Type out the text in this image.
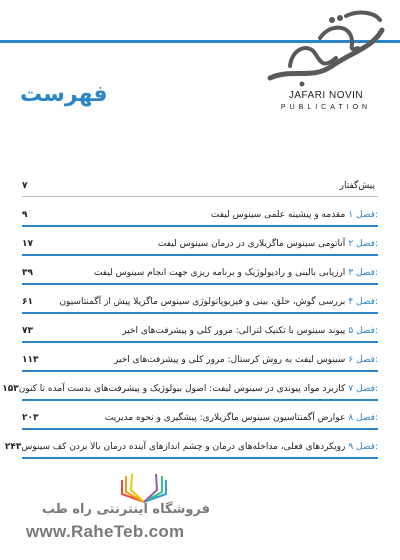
JAFARI NOVIN
PUBLICATION
فهرست
پیش‌گفتار
۷
فصل ۱:
مقدمه و پیشینه علمی سینوس لیفت
۹
فصل ۲:
آناتومی سینوس ماگزیلاری در درمان سینوس لیفت
۱۷
فصل ۳:
ارزیابی بالینی و رادیولوژیک و برنامه ریزی جهت انجام سینوس لیفت
۳۹
فصل ۴:
بررسی گوش، حلق، بینی و فیزیوپاتولوژی سینوس ماگزیلا پیش از آگمنتاسیون
۶۱
فصل ۵:
پیوند سینوس با تکنیک لترالی: مرور کلی و پیشرفت‌های اخیر
۷۳
فصل ۶:
سینوس لیفت به روش کرستال: مرور کلی و پیشرفت‌های اخیر
۱۱۳
فصل ۷:
کاربرد مواد پیوندی در سینوس لیفت: اصول بیولوژیک و پیشرفت‌های بدست آمده تا کنون
۱۵۳
فصل ۸:
عوارض آگمنتاسیون سینوس ماگزیلاری: پیشگیری و نحوه مدیریت
۲۰۳
فصل ۹:
رویکردهای فعلی، مداخله‌های درمان و چشم اندازهای آینده درمان بالا بردن کف سینوس
۲۴۳
فروشگاه اینترنتی راه طب
www.RaheTeb.com
